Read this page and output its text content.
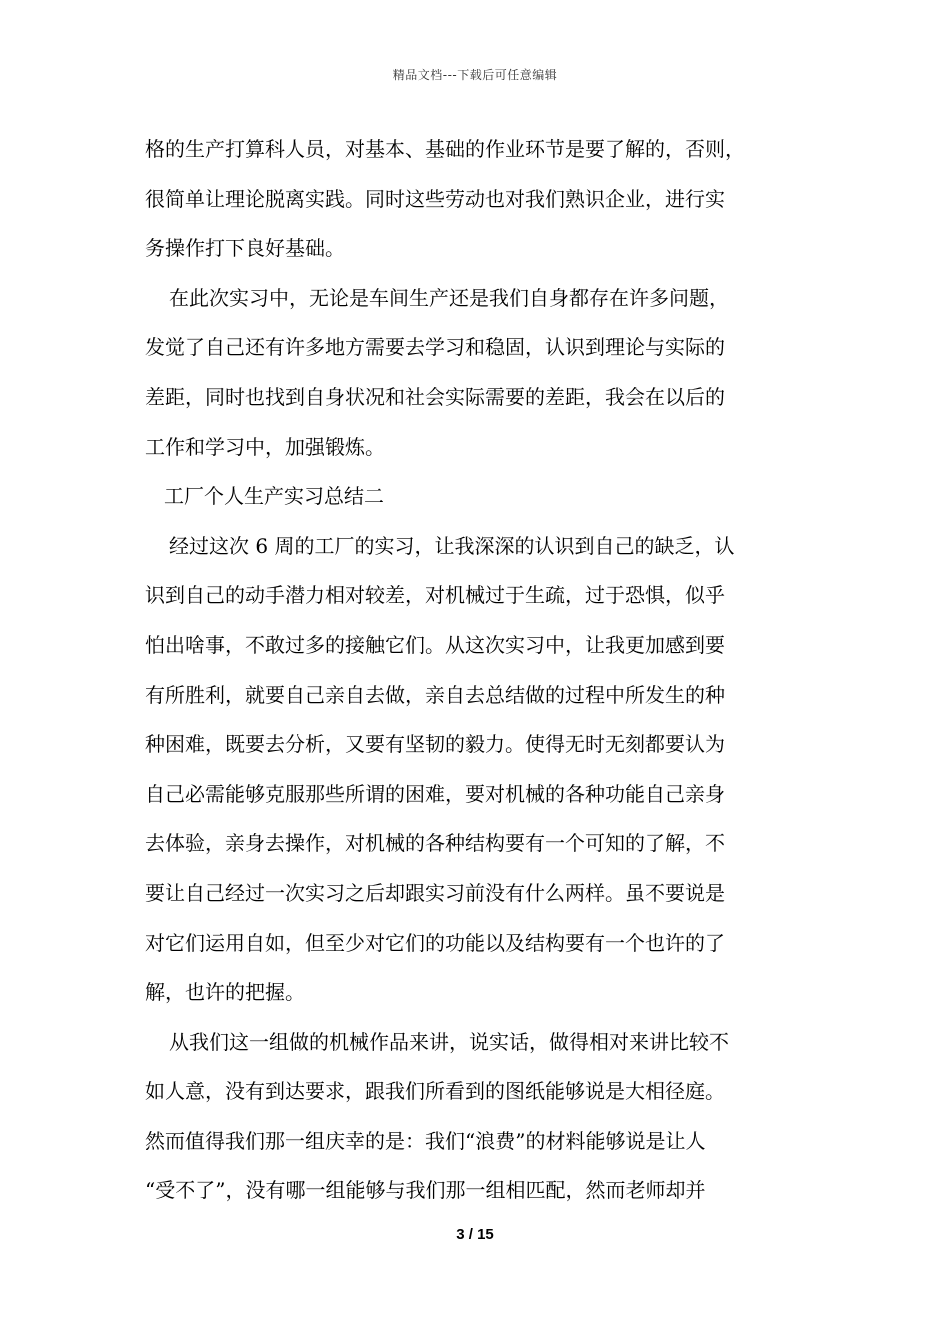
精品文档---下载后可任意编辑

格的生产打算科人员，对基本、基础的作业环节是要了解的，否则，
很简单让理论脱离实践。同时这些劳动也对我们熟识企业，进行实
务操作打下良好基础。

在此次实习中，无论是车间生产还是我们自身都存在许多问题，
发觉了自己还有许多地方需要去学习和稳固，认识到理论与实际的
差距，同时也找到自身状况和社会实际需要的差距，我会在以后的
工作和学习中，加强锻炼。

工厂个人生产实习总结二

经过这次 6 周的工厂的实习，让我深深的认识到自己的缺乏，认
识到自己的动手潜力相对较差，对机械过于生疏，过于恐惧，似乎
怕出啥事，不敢过多的接触它们。从这次实习中，让我更加感到要
有所胜利，就要自己亲自去做，亲自去总结做的过程中所发生的种
种困难，既要去分析，又要有坚韧的毅力。使得无时无刻都要认为
自己必需能够克服那些所谓的困难，要对机械的各种功能自己亲身
去体验，亲身去操作，对机械的各种结构要有一个可知的了解，不
要让自己经过一次实习之后却跟实习前没有什么两样。虽不要说是
对它们运用自如，但至少对它们的功能以及结构要有一个也许的了
解，也许的把握。

从我们这一组做的机械作品来讲，说实话，做得相对来讲比较不
如人意，没有到达要求，跟我们所看到的图纸能够说是大相径庭。
然而值得我们那一组庆幸的是：我们“浪费”的材料能够说是让人
“受不了”，没有哪一组能够与我们那一组相匹配，然而老师却并

3 / 15
